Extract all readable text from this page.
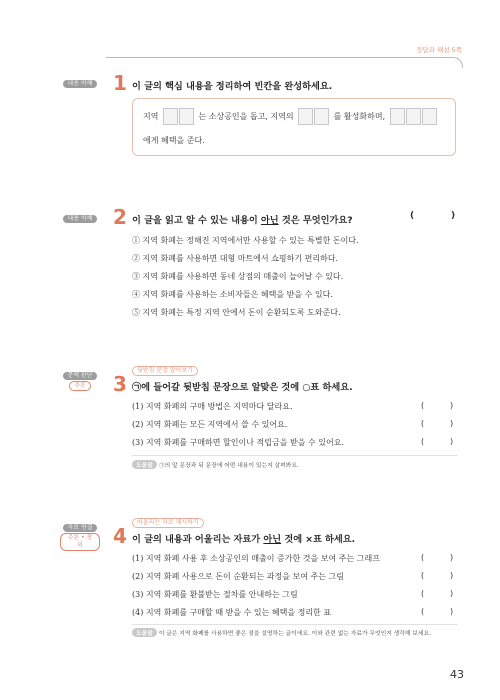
정답과 해설 5쪽
내용 이해	1 이 글의 핵심 내용을 정리하여 빈칸을 완성하세요.
지역	는 소상공인을 돕고, 지역의	를 활성화하며,
에게 혜택을 준다.
내용 이해	2 이 글을 읽고 알 수 있는 내용이 아닌 것은 무엇인가요?	(	)
① 지역 화폐는 정해진 지역에서만 사용할 수 있는 특별한 돈이다.
② 지역 화폐를 사용하면 대형 마트에서 쇼핑하기 편리하다.
③ 지역 화폐를 사용하면 동네 상점의 매출이 늘어날 수 있다.
④ 지역 화폐를 사용하는 소비자들은 혜택을 받을 수 있다.
⑤ 지역 화폐는 특정 지역 안에서 돈이 순환되도록 도와준다.
뒷받침 문장 알아보기
문맥 판단
추론	3 ㉠에 들어갈 뒷받침 문장으로 알맞은 것에 ○표 하세요.
(1) 지역 화폐의 구매 방법은 지역마다 달라요.	(	)
(2) 지역 화폐는 모든 지역에서 쓸 수 있어요.	(	)
(3) 지역 화폐를 구매하면 할인이나 적립금을 받을 수 있어요.	(	)
도움말 ㉠의 앞 문장과 뒤 문장에 어떤 내용이 있는지 살펴봐요.
어울리는 자료 제시하기
자료 연결
추론 • 창의	4 이 글의 내용과 어울리는 자료가 아닌 것에 ×표 하세요.
(1) 지역 화폐 사용 후 소상공인의 매출이 증가한 것을 보여 주는 그래프	(	)
(2) 지역 화폐 사용으로 돈이 순환되는 과정을 보여 주는 그림	(	)
(3) 지역 화폐를 환불받는 절차를 안내하는 그림	(	)
(4) 지역 화폐를 구매할 때 받을 수 있는 혜택을 정리한 표	(	)
도움말 이 글은 지역 화폐를 사용하면 좋은 점을 설명하는 글이에요. 이와 관련 없는 자료가 무엇인지 생각해 보세요.
43
